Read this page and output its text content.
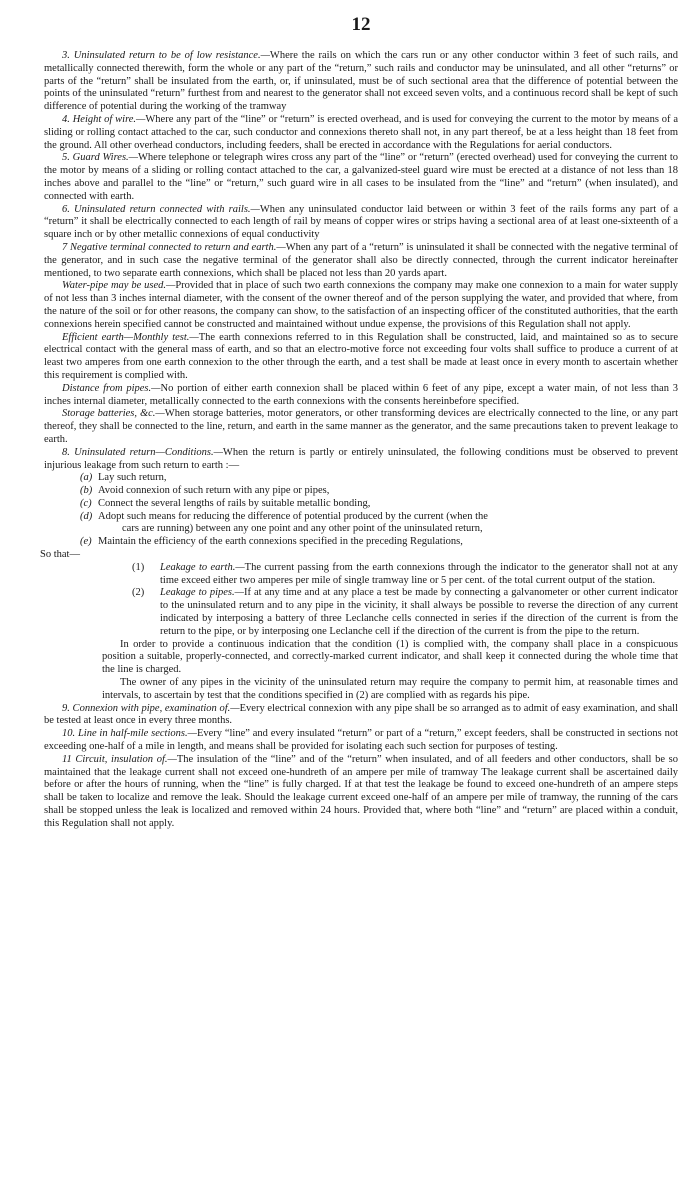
12

3. Uninsulated return to be of low resistance.—Where the rails on which the cars run or any other conductor within 3 feet of such rails, and metallically connected therewith, form the whole or any part of the “return,” such rails and conductor may be uninsulated, and all other “returns” or parts of the “return” shall be insulated from the earth, or, if uninsulated, must be of such sectional area that the difference of potential between the points of the uninsulated “return” furthest from and nearest to the generator shall not exceed seven volts, and a continuous record shall be kept of such difference of potential during the working of the tramway

4. Height of wire.—Where any part of the “line” or “return” is erected overhead, and is used for conveying the current to the motor by means of a sliding or rolling contact attached to the car, such conductor and connexions thereto shall not, in any part thereof, be at a less height than 18 feet from the ground. All other overhead conductors, including feeders, shall be erected in accordance with the Regulations for aerial conductors.

5. Guard Wires.—Where telephone or telegraph wires cross any part of the “line” or “return” (erected overhead) used for conveying the current to the motor by means of a sliding or rolling contact attached to the car, a galvanized-steel guard wire must be erected at a distance of not less than 18 inches above and parallel to the “line” or “return,” such guard wire in all cases to be insulated from the “line” and “return” (when insulated), and connected with earth.

6. Uninsulated return connected with rails.—When any uninsulated conductor laid between or within 3 feet of the rails forms any part of a “return” it shall be electrically connected to each length of rail by means of copper wires or strips having a sectional area of at least one-sixteenth of a square inch or by other metallic connexions of equal conductivity

7 Negative terminal connected to return and earth.—When any part of a “return” is uninsulated it shall be connected with the negative terminal of the generator, and in such case the negative terminal of the generator shall also be directly connected, through the current indicator hereinafter mentioned, to two separate earth connexions, which shall be placed not less than 20 yards apart.

Water-pipe may be used.—Provided that in place of such two earth connexions the company may make one connexion to a main for water supply of not less than 3 inches internal diameter, with the consent of the owner thereof and of the person supplying the water, and provided that where, from the nature of the soil or for other reasons, the company can show, to the satisfaction of an inspecting officer of the constituted authorities, that the earth connexions herein specified cannot be constructed and maintained without undue expense, the provisions of this Regulation shall not apply.

Efficient earth—Monthly test.—The earth connexions referred to in this Regulation shall be constructed, laid, and maintained so as to secure electrical contact with the general mass of earth, and so that an electro-motive force not exceeding four volts shall suffice to produce a current of at least two amperes from one earth connexion to the other through the earth, and a test shall be made at least once in every month to ascertain whether this requirement is complied with.

Distance from pipes.—No portion of either earth connexion shall be placed within 6 feet of any pipe, except a water main, of not less than 3 inches internal diameter, metallically connected to the earth connexions with the consents hereinbefore specified.

Storage batteries, &c.—When storage batteries, motor generators, or other transforming devices are electrically connected to the line, or any part thereof, they shall be connected to the line, return, and earth in the same manner as the generator, and the same precautions taken to prevent leakage to earth.

8. Uninsulated return—Conditions.—When the return is partly or entirely uninsulated, the following conditions must be observed to prevent injurious leakage from such return to earth :—

(a) Lay such return,

(b) Avoid connexion of such return with any pipe or pipes,

(c) Connect the several lengths of rails by suitable metallic bonding,

(d) Adopt such means for reducing the difference of potential produced by the current (when the
cars are running) between any one point and any other point of the uninsulated return,

(e) Maintain the efficiency of the earth connexions specified in the preceding Regulations,

So that—

(1) Leakage to earth.—The current passing from the earth connexions through the indicator to the generator shall not at any time exceed either two amperes per mile of single tramway line or 5 per cent. of the total current output of the station.

(2) Leakage to pipes.—If at any time and at any place a test be made by connecting a galvanometer or other current indicator to the uninsulated return and to any pipe in the vicinity, it shall always be possible to reverse the direction of any current indicated by interposing a battery of three Leclanche cells connected in series if the direction of the current is from the return to the pipe, or by interposing one Leclanche cell if the direction of the current is from the pipe to the return.

In order to provide a continuous indication that the condition (1) is complied with, the company shall place in a conspicuous position a suitable, properly-connected, and correctly-marked current indicator, and shall keep it connected during the whole time that the line is charged.

The owner of any pipes in the vicinity of the uninsulated return may require the company to permit him, at reasonable times and intervals, to ascertain by test that the conditions specified in (2) are complied with as regards his pipe.

9. Connexion with pipe, examination of.—Every electrical connexion with any pipe shall be so arranged as to admit of easy examination, and shall be tested at least once in every three months.

10. Line in half-mile sections.—Every “line” and every insulated “return” or part of a “return,” except feeders, shall be constructed in sections not exceeding one-half of a mile in length, and means shall be provided for isolating each such section for purposes of testing.

11 Circuit, insulation of.—The insulation of the “line” and of the “return” when insulated, and of all feeders and other conductors, shall be so maintained that the leakage current shall not exceed one-hundreth of an ampere per mile of tramway The leakage current shall be ascertained daily before or after the hours of running, when the “line” is fully charged. If at that test the leakage be found to exceed one-hundreth of an ampere steps shall be taken to localize and remove the leak. Should the leakage current exceed one-half of an ampere per mile of tramway, the running of the cars shall be stopped unless the leak is localized and removed within 24 hours. Provided that, where both “line” and “return” are placed within a conduit, this Regulation shall not apply.
